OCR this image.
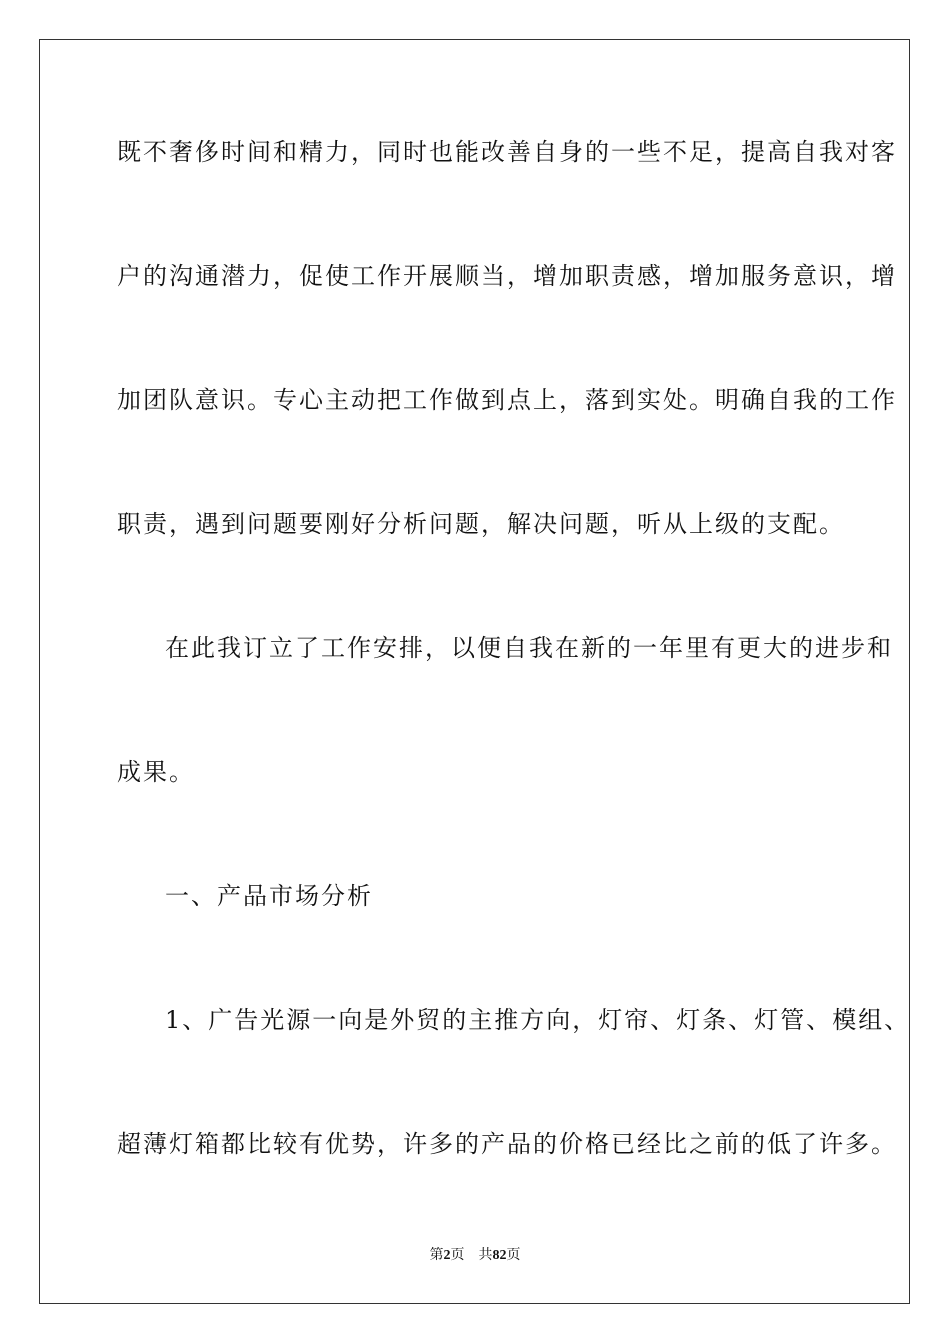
既不奢侈时间和精力，同时也能改善自身的一些不足，提高自我对客
户的沟通潜力，促使工作开展顺当，增加职责感，增加服务意识，增
加团队意识。专心主动把工作做到点上，落到实处。明确自我的工作
职责，遇到问题要刚好分析问题，解决问题，听从上级的支配。
在此我订立了工作安排，以便自我在新的一年里有更大的进步和
成果。
一、产品市场分析
1、广告光源一向是外贸的主推方向，灯帘、灯条、灯管、模组、
超薄灯箱都比较有优势，许多的产品的价格已经比之前的低了许多。
第2页 共82页
